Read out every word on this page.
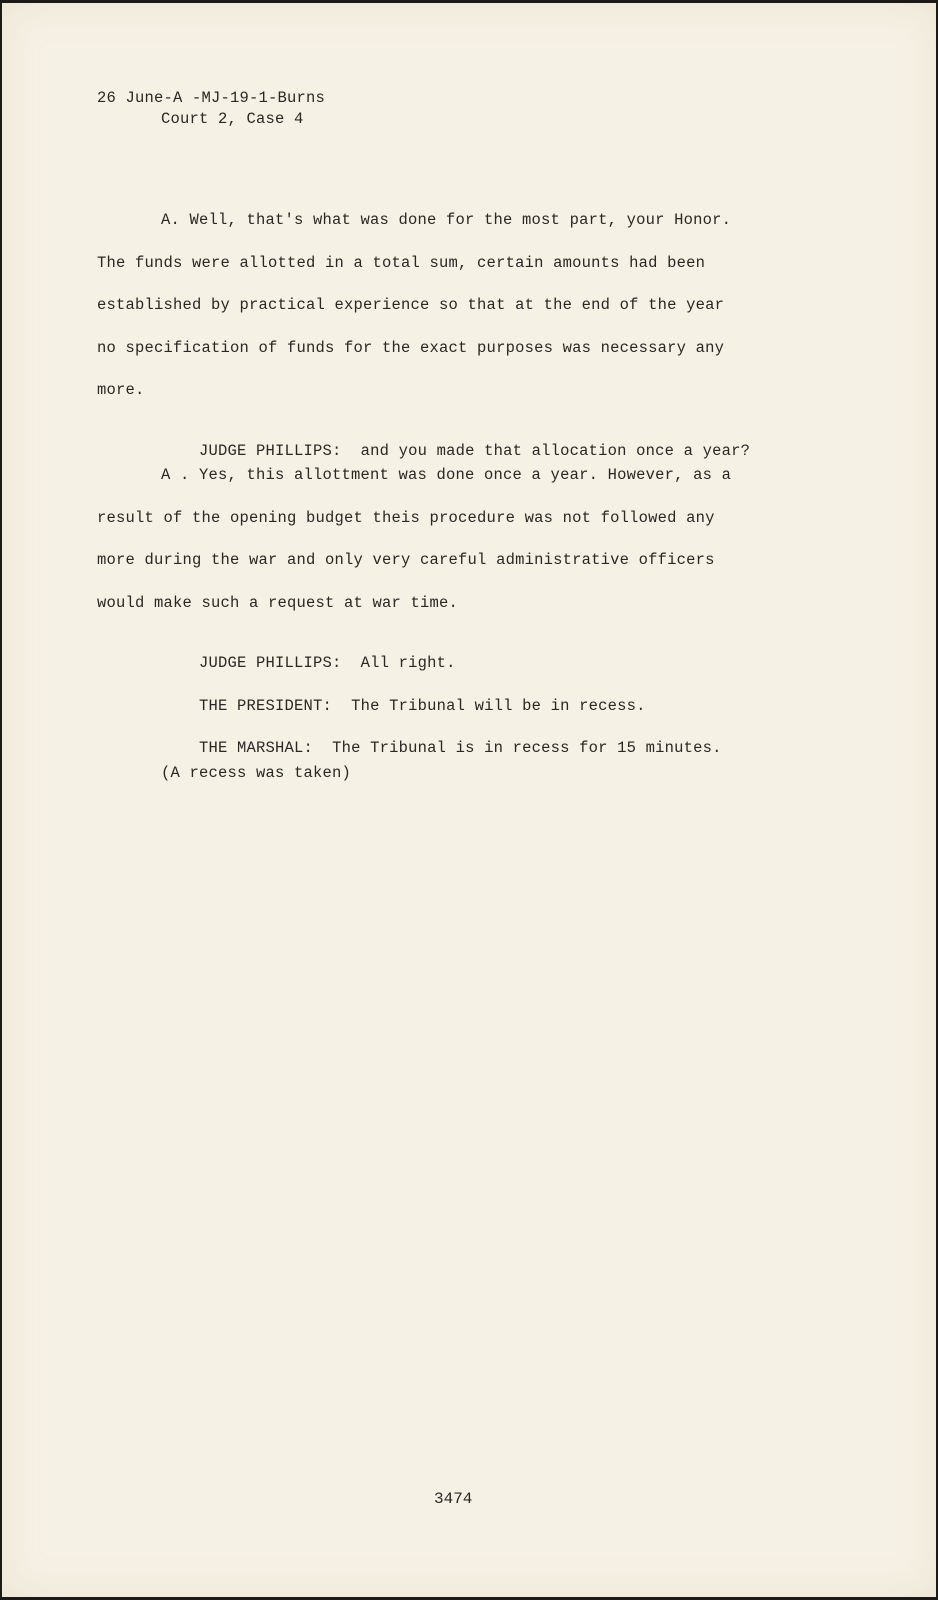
26 June-A -MJ-19-1-Burns
Court 2, Case 4
A. Well, that's what was done for the most part, your Honor.
The funds were allotted in a total sum, certain amounts had been
established by practical experience so that at the end of the year
no specification of funds for the exact purposes was necessary any
more.

JUDGE PHILLIPS: and you made that allocation once a year?

A . Yes, this allottment was done once a year. However, as a
result of the opening budget theis procedure was not followed any
more during the war and only very careful administrative officers
would make such a request at war time.

JUDGE PHILLIPS: All right.

THE PRESIDENT: The Tribunal will be in recess.

THE MARSHAL: The Tribunal is in recess for 15 minutes.

(A recess was taken)
3474
